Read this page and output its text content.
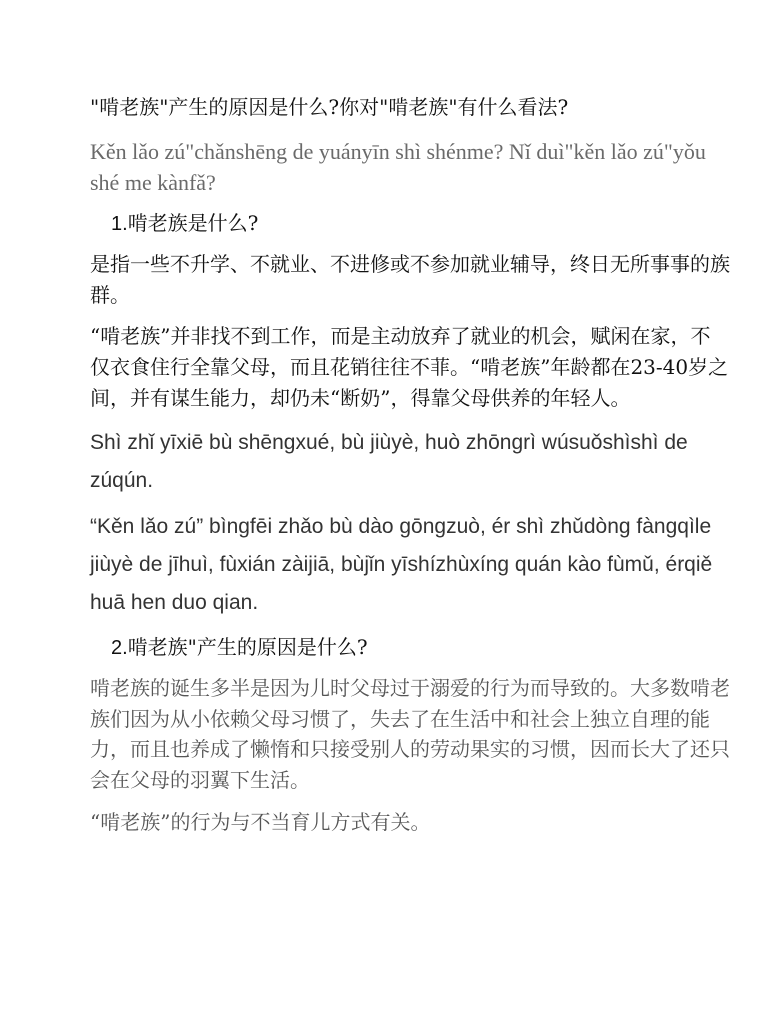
"啃老族"产生的原因是什么?你对"啃老族"有什么看法?

Kěn lǎo zú"chǎnshēng de yuányīn shì shénme? Nǐ duì"kěn lǎo zú"yǒu shé me kànfǎ?

1.啃老族是什么?

是指一些不升学、不就业、不进修或不参加就业辅导，终日无所事事的族群。

“啃老族”并非找不到工作，而是主动放弃了就业的机会，赋闲在家，不仅衣食住行全靠父母，而且花销往往不菲。“啃老族”年龄都在23-40岁之间，并有谋生能力，却仍未“断奶”，得靠父母供养的年轻人。

Shì zhǐ yīxiē bù shēngxué, bù jiùyè, huò zhōngrì wúsuǒshìshì de zúqún.

“Kěn lǎo zú” bìngfēi zhǎo bù dào gōngzuò, ér shì zhǔdòng fàngqìle jiùyè de jīhuì, fùxián zàijiā, bùjǐn yīshízhùxíng quán kào fùmǔ, érqiě huā hen duo qian.

2.啃老族"产生的原因是什么?

啃老族的诞生多半是因为儿时父母过于溺爱的行为而导致的。大多数啃老族们因为从小依赖父母习惯了，失去了在生活中和社会上独立自理的能力，而且也养成了懒惰和只接受别人的劳动果实的习惯，因而长大了还只会在父母的羽翼下生活。

“啃老族”的行为与不当育儿方式有关。
